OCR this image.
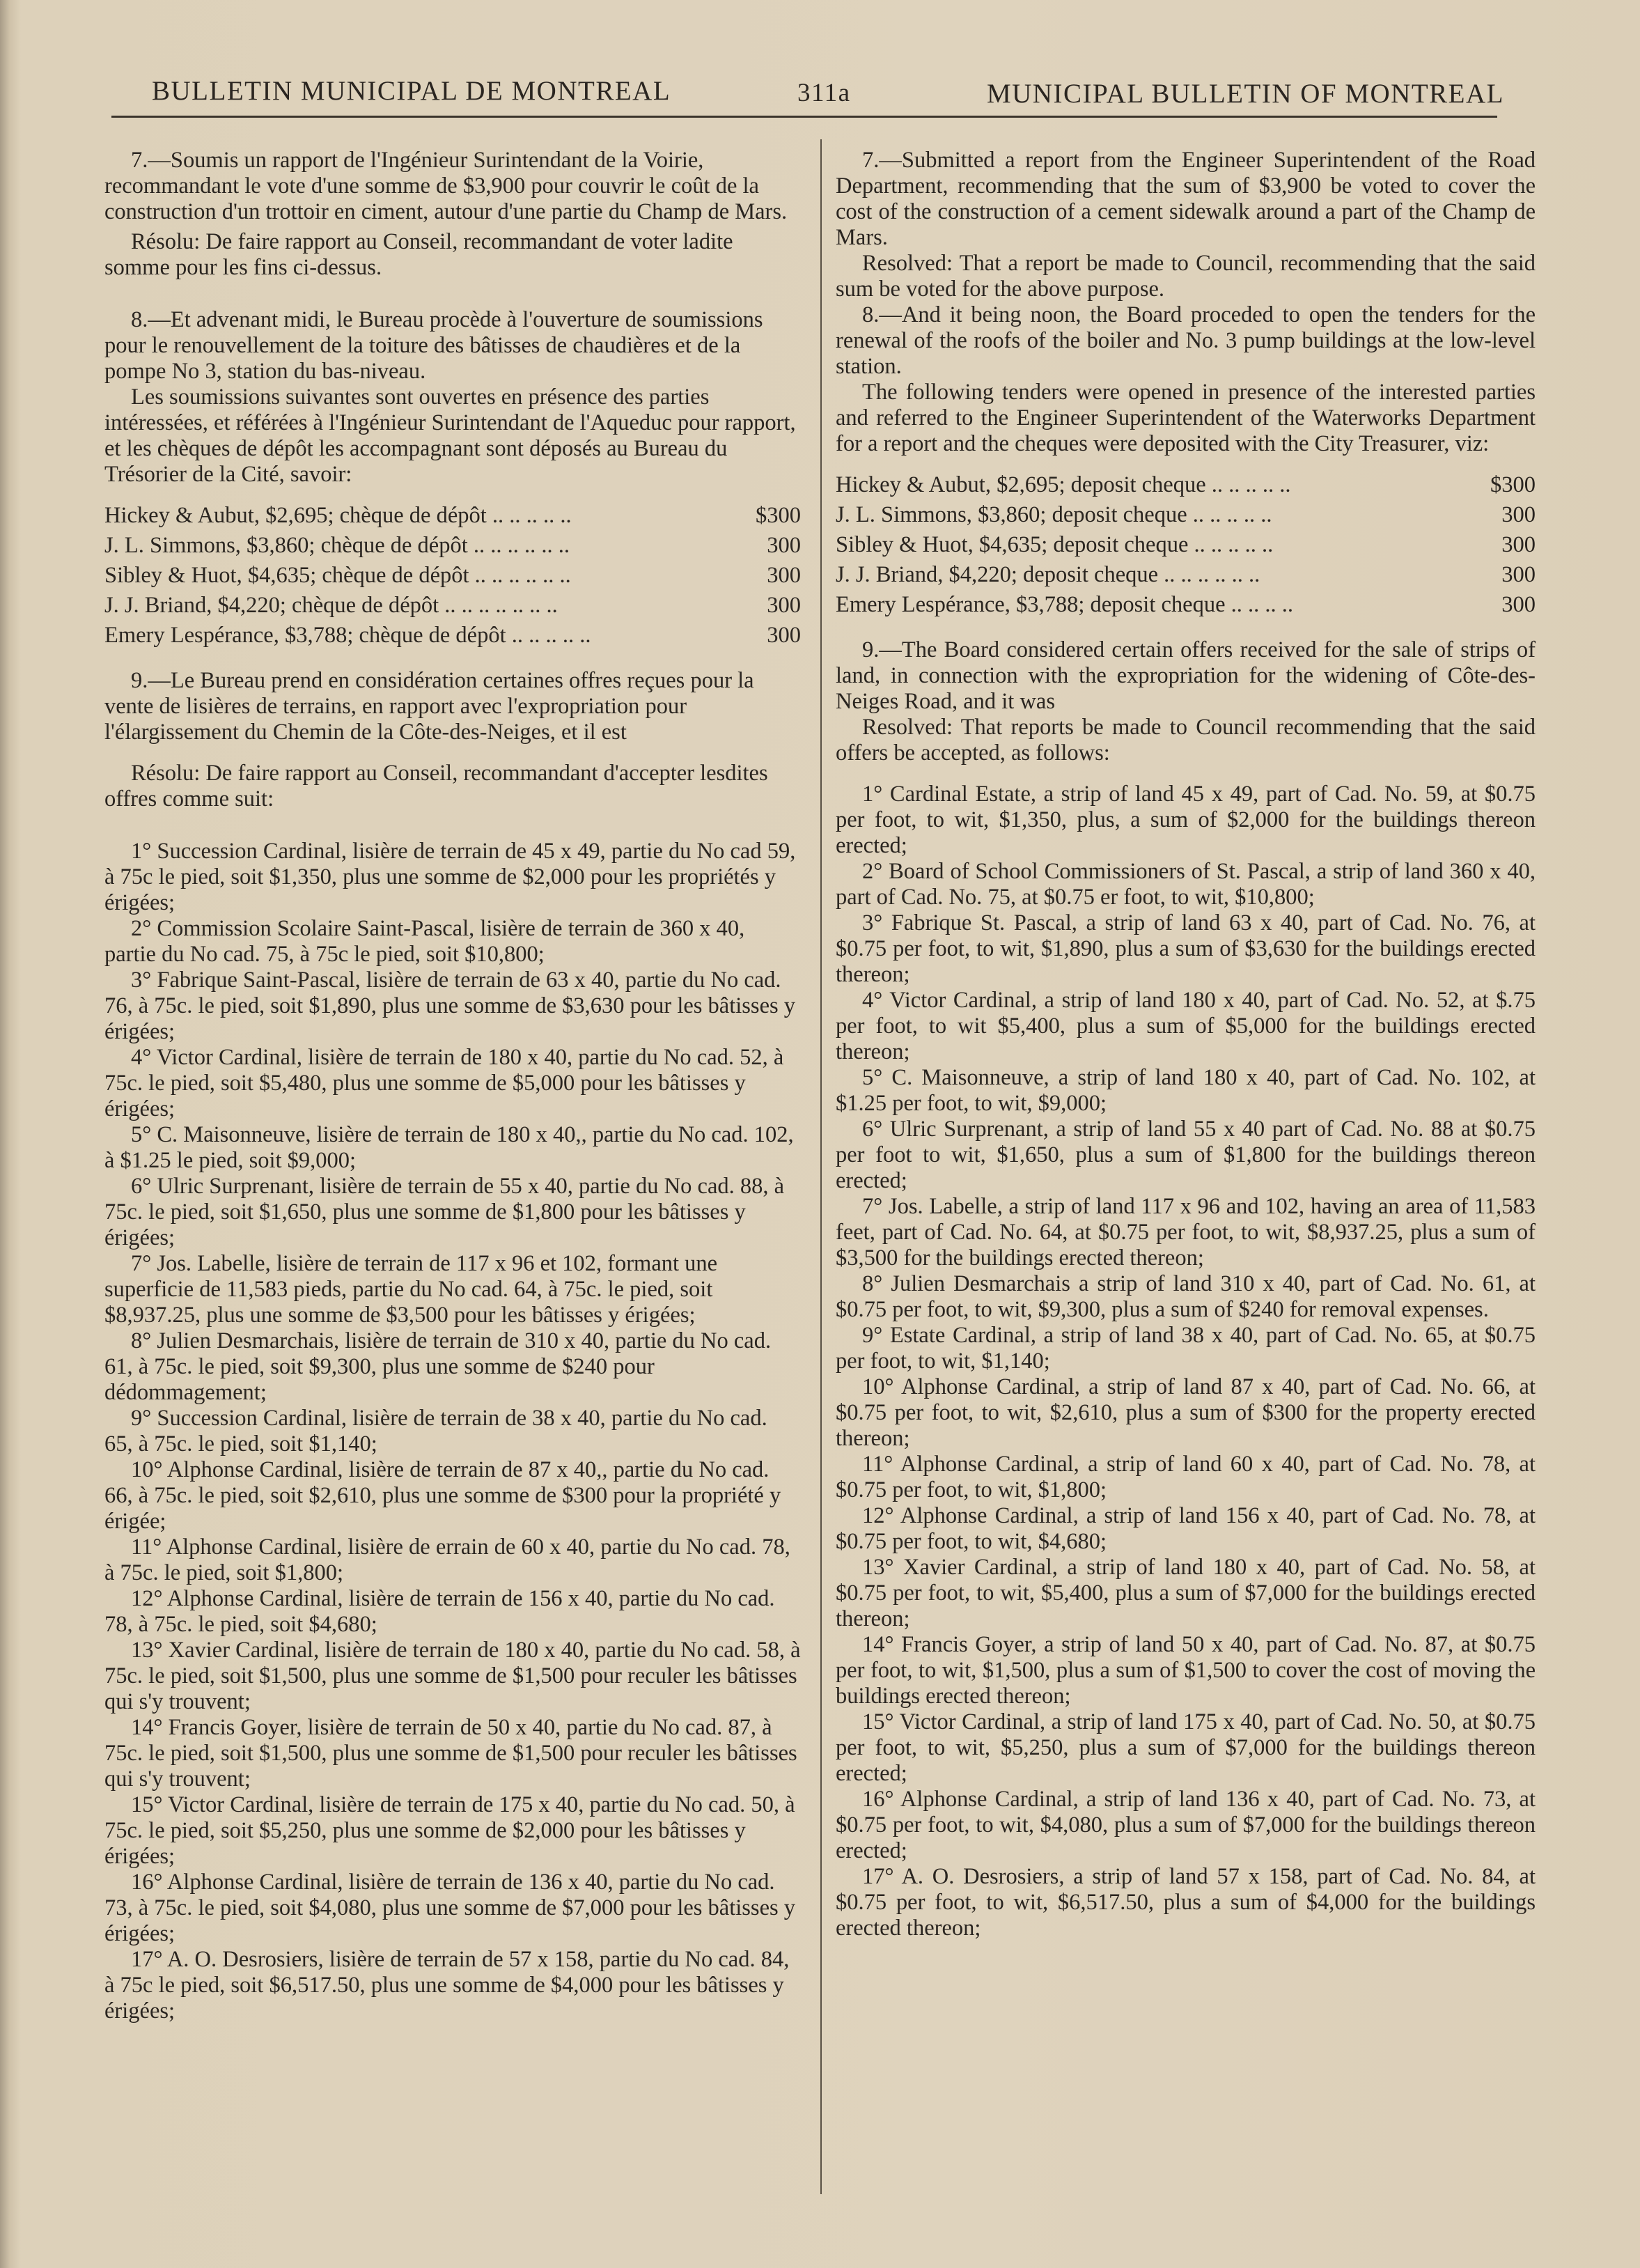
BULLETIN MUNICIPAL DE MONTREAL	311a	MUNICIPAL BULLETIN OF MONTREAL

7.—Soumis un rapport de l'Ingénieur Surintendant de la Voirie, recommandant le vote d'une somme de $3,900 pour couvrir le coût de la construction d'un trottoir en ciment, autour d'une partie du Champ de Mars.

Résolu: De faire rapport au Conseil, recommandant de voter ladite somme pour les fins ci-dessus.

8.—Et advenant midi, le Bureau procède à l'ouverture de soumissions pour le renouvellement de la toiture des bâtisses de chaudières et de la pompe No 3, station du bas-niveau.

Les soumissions suivantes sont ouvertes en présence des parties intéressées, et référées à l'Ingénieur Surintendant de l'Aqueduc pour rapport, et les chèques de dépôt les accompagnant sont déposés au Bureau du Trésorier de la Cité, savoir:

Hickey & Aubut, $2,695; chèque de dépôt .. .. .. .. ..	$300
J. L. Simmons, $3,860; chèque de dépôt .. .. .. .. .. ..	300
Sibley & Huot, $4,635; chèque de dépôt .. .. .. .. .. ..	300
J. J. Briand, $4,220; chèque de dépôt .. .. .. .. .. .. ..	300
Emery Lespérance, $3,788; chèque de dépôt .. .. .. .. ..	300

9.—Le Bureau prend en considération certaines offres reçues pour la vente de lisières de terrains, en rapport avec l'expropriation pour l'élargissement du Chemin de la Côte-des-Neiges, et il est

Résolu: De faire rapport au Conseil, recommandant d'accepter lesdites offres comme suit:

1° Succession Cardinal, lisière de terrain de 45 x 49, partie du No cad 59, à 75c le pied, soit $1,350, plus une somme de $2,000 pour les propriétés y érigées;

2° Commission Scolaire Saint-Pascal, lisière de terrain de 360 x 40, partie du No cad. 75, à 75c le pied, soit $10,800;

3° Fabrique Saint-Pascal, lisière de terrain de 63 x 40, partie du No cad. 76, à 75c. le pied, soit $1,890, plus une somme de $3,630 pour les bâtisses y érigées;

4° Victor Cardinal, lisière de terrain de 180 x 40, partie du No cad. 52, à 75c. le pied, soit $5,480, plus une somme de $5,000 pour les bâtisses y érigées;

5° C. Maisonneuve, lisière de terrain de 180 x 40,, partie du No cad. 102, à $1.25 le pied, soit $9,000;

6° Ulric Surprenant, lisière de terrain de 55 x 40, partie du No cad. 88, à 75c. le pied, soit $1,650, plus une somme de $1,800 pour les bâtisses y érigées;

7° Jos. Labelle, lisière de terrain de 117 x 96 et 102, formant une superficie de 11,583 pieds, partie du No cad. 64, à 75c. le pied, soit $8,937.25, plus une somme de $3,500 pour les bâtisses y érigées;

8° Julien Desmarchais, lisière de terrain de 310 x 40, partie du No cad. 61, à 75c. le pied, soit $9,300, plus une somme de $240 pour dédommagement;

9° Succession Cardinal, lisière de terrain de 38 x 40, partie du No cad. 65, à 75c. le pied, soit $1,140;

10° Alphonse Cardinal, lisière de terrain de 87 x 40,, partie du No cad. 66, à 75c. le pied, soit $2,610, plus une somme de $300 pour la propriété y érigée;

11° Alphonse Cardinal, lisière de errain de 60 x 40, partie du No cad. 78, à 75c. le pied, soit $1,800;

12° Alphonse Cardinal, lisière de terrain de 156 x 40, partie du No cad. 78, à 75c. le pied, soit $4,680;

13° Xavier Cardinal, lisière de terrain de 180 x 40, partie du No cad. 58, à 75c. le pied, soit $1,500, plus une somme de $1,500 pour reculer les bâtisses qui s'y trouvent;

14° Francis Goyer, lisière de terrain de 50 x 40, partie du No cad. 87, à 75c. le pied, soit $1,500, plus une somme de $1,500 pour reculer les bâtisses qui s'y trouvent;

15° Victor Cardinal, lisière de terrain de 175 x 40, partie du No cad. 50, à 75c. le pied, soit $5,250, plus une somme de $2,000 pour les bâtisses y érigées;

16° Alphonse Cardinal, lisière de terrain de 136 x 40, partie du No cad. 73, à 75c. le pied, soit $4,080, plus une somme de $7,000 pour les bâtisses y érigées;

17° A. O. Desrosiers, lisière de terrain de 57 x 158, partie du No cad. 84, à 75c le pied, soit $6,517.50, plus une somme de $4,000 pour les bâtisses y érigées;

7.—Submitted a report from the Engineer Superintendent of the Road Department, recommending that the sum of $3,900 be voted to cover the cost of the construction of a cement sidewalk around a part of the Champ de Mars.

Resolved: That a report be made to Council, recommending that the said sum be voted for the above purpose.

8.—And it being noon, the Board proceded to open the tenders for the renewal of the roofs of the boiler and No. 3 pump buildings at the low-level station.

The following tenders were opened in presence of the interested parties and referred to the Engineer Superintendent of the Waterworks Department for a report and the cheques were deposited with the City Treasurer, viz:

Hickey & Aubut, $2,695; deposit cheque .. .. .. .. ..	$300
J. L. Simmons, $3,860; deposit cheque .. .. .. .. ..	300
Sibley & Huot, $4,635; deposit cheque .. .. .. .. ..	300
J. J. Briand, $4,220; deposit cheque .. .. .. .. .. ..	300
Emery Lespérance, $3,788; deposit cheque .. .. .. ..	300

9.—The Board considered certain offers received for the sale of strips of land, in connection with the expropriation for the widening of Côte-des-Neiges Road, and it was

Resolved: That reports be made to Council recommending that the said offers be accepted, as follows:

1° Cardinal Estate, a strip of land 45 x 49, part of Cad. No. 59, at $0.75 per foot, to wit, $1,350, plus, a sum of $2,000 for the buildings thereon erected;

2° Board of School Commissioners of St. Pascal, a strip of land 360 x 40, part of Cad. No. 75, at $0.75 er foot, to wit, $10,800;

3° Fabrique St. Pascal, a strip of land 63 x 40, part of Cad. No. 76, at $0.75 per foot, to wit, $1,890, plus a sum of $3,630 for the buildings erected thereon;

4° Victor Cardinal, a strip of land 180 x 40, part of Cad. No. 52, at $.75 per foot, to wit $5,400, plus a sum of $5,000 for the buildings erected thereon;

5° C. Maisonneuve, a strip of land 180 x 40, part of Cad. No. 102, at $1.25 per foot, to wit, $9,000;

6° Ulric Surprenant, a strip of land 55 x 40 part of Cad. No. 88 at $0.75 per foot to wit, $1,650, plus a sum of $1,800 for the buildings thereon erected;

7° Jos. Labelle, a strip of land 117 x 96 and 102, having an area of 11,583 feet, part of Cad. No. 64, at $0.75 per foot, to wit, $8,937.25, plus a sum of $3,500 for the buildings erected thereon;

8° Julien Desmarchais a strip of land 310 x 40, part of Cad. No. 61, at $0.75 per foot, to wit, $9,300, plus a sum of $240 for removal expenses.

9° Estate Cardinal, a strip of land 38 x 40, part of Cad. No. 65, at $0.75 per foot, to wit, $1,140;

10° Alphonse Cardinal, a strip of land 87 x 40, part of Cad. No. 66, at $0.75 per foot, to wit, $2,610, plus a sum of $300 for the property erected thereon;

11° Alphonse Cardinal, a strip of land 60 x 40, part of Cad. No. 78, at $0.75 per foot, to wit, $1,800;

12° Alphonse Cardinal, a strip of land 156 x 40, part of Cad. No. 78, at $0.75 per foot, to wit, $4,680;

13° Xavier Cardinal, a strip of land 180 x 40, part of Cad. No. 58, at $0.75 per foot, to wit, $5,400, plus a sum of $7,000 for the buildings erected thereon;

14° Francis Goyer, a strip of land 50 x 40, part of Cad. No. 87, at $0.75 per foot, to wit, $1,500, plus a sum of $1,500 to cover the cost of moving the buildings erected thereon;

15° Victor Cardinal, a strip of land 175 x 40, part of Cad. No. 50, at $0.75 per foot, to wit, $5,250, plus a sum of $7,000 for the buildings thereon erected;

16° Alphonse Cardinal, a strip of land 136 x 40, part of Cad. No. 73, at $0.75 per foot, to wit, $4,080, plus a sum of $7,000 for the buildings thereon erected;

17° A. O. Desrosiers, a strip of land 57 x 158, part of Cad. No. 84, at $0.75 per foot, to wit, $6,517.50, plus a sum of $4,000 for the buildings erected thereon;
